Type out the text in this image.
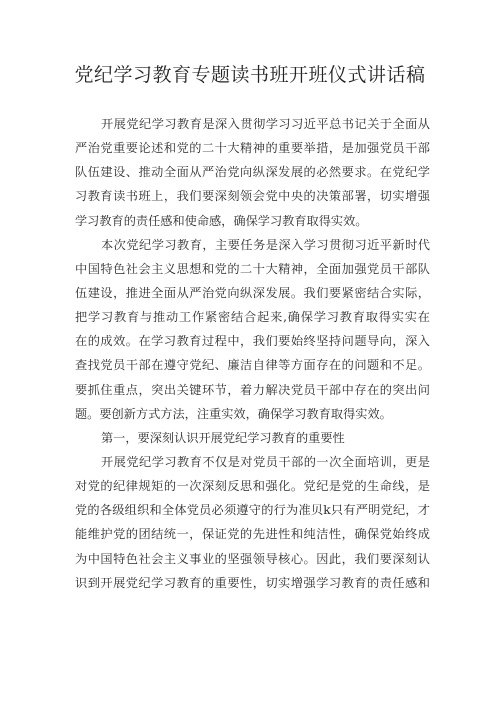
党纪学习教育专题读书班开班仪式讲话稿
开展党纪学习教育是深入贯彻学习习近平总书记关于全面从
严治党重要论述和党的二十大精神的重要举措，是加强党员干部
队伍建设、推动全面从严治党向纵深发展的必然要求。在党纪学
习教育读书班上，我们要深刻领会党中央的决策部署，切实增强
学习教育的责任感和使命感，确保学习教育取得实效。
本次党纪学习教育，主要任务是深入学习贯彻习近平新时代
中国特色社会主义思想和党的二十大精神，全面加强党员干部队
伍建设，推进全面从严治党向纵深发展。我们要紧密结合实际，
把学习教育与推动工作紧密结合起来,确保学习教育取得实实在
在的成效。在学习教育过程中，我们要始终坚持问题导向，深入
查找党员干部在遵守党纪、廉洁自律等方面存在的问题和不足。
要抓住重点，突出关键环节，着力解决党员干部中存在的突出问
题。要创新方式方法，注重实效，确保学习教育取得实效。
第一，要深刻认识开展党纪学习教育的重要性
开展党纪学习教育不仅是对党员干部的一次全面培训，更是
对党的纪律规矩的一次深刻反思和强化。党纪是党的生命线，是
党的各级组织和全体党员必须遵守的行为准贝k只有严明党纪，才
能维护党的团结统一，保证党的先进性和纯洁性，确保党始终成
为中国特色社会主义事业的坚强领导核心。因此，我们要深刻认
识到开展党纪学习教育的重要性，切实增强学习教育的责任感和
